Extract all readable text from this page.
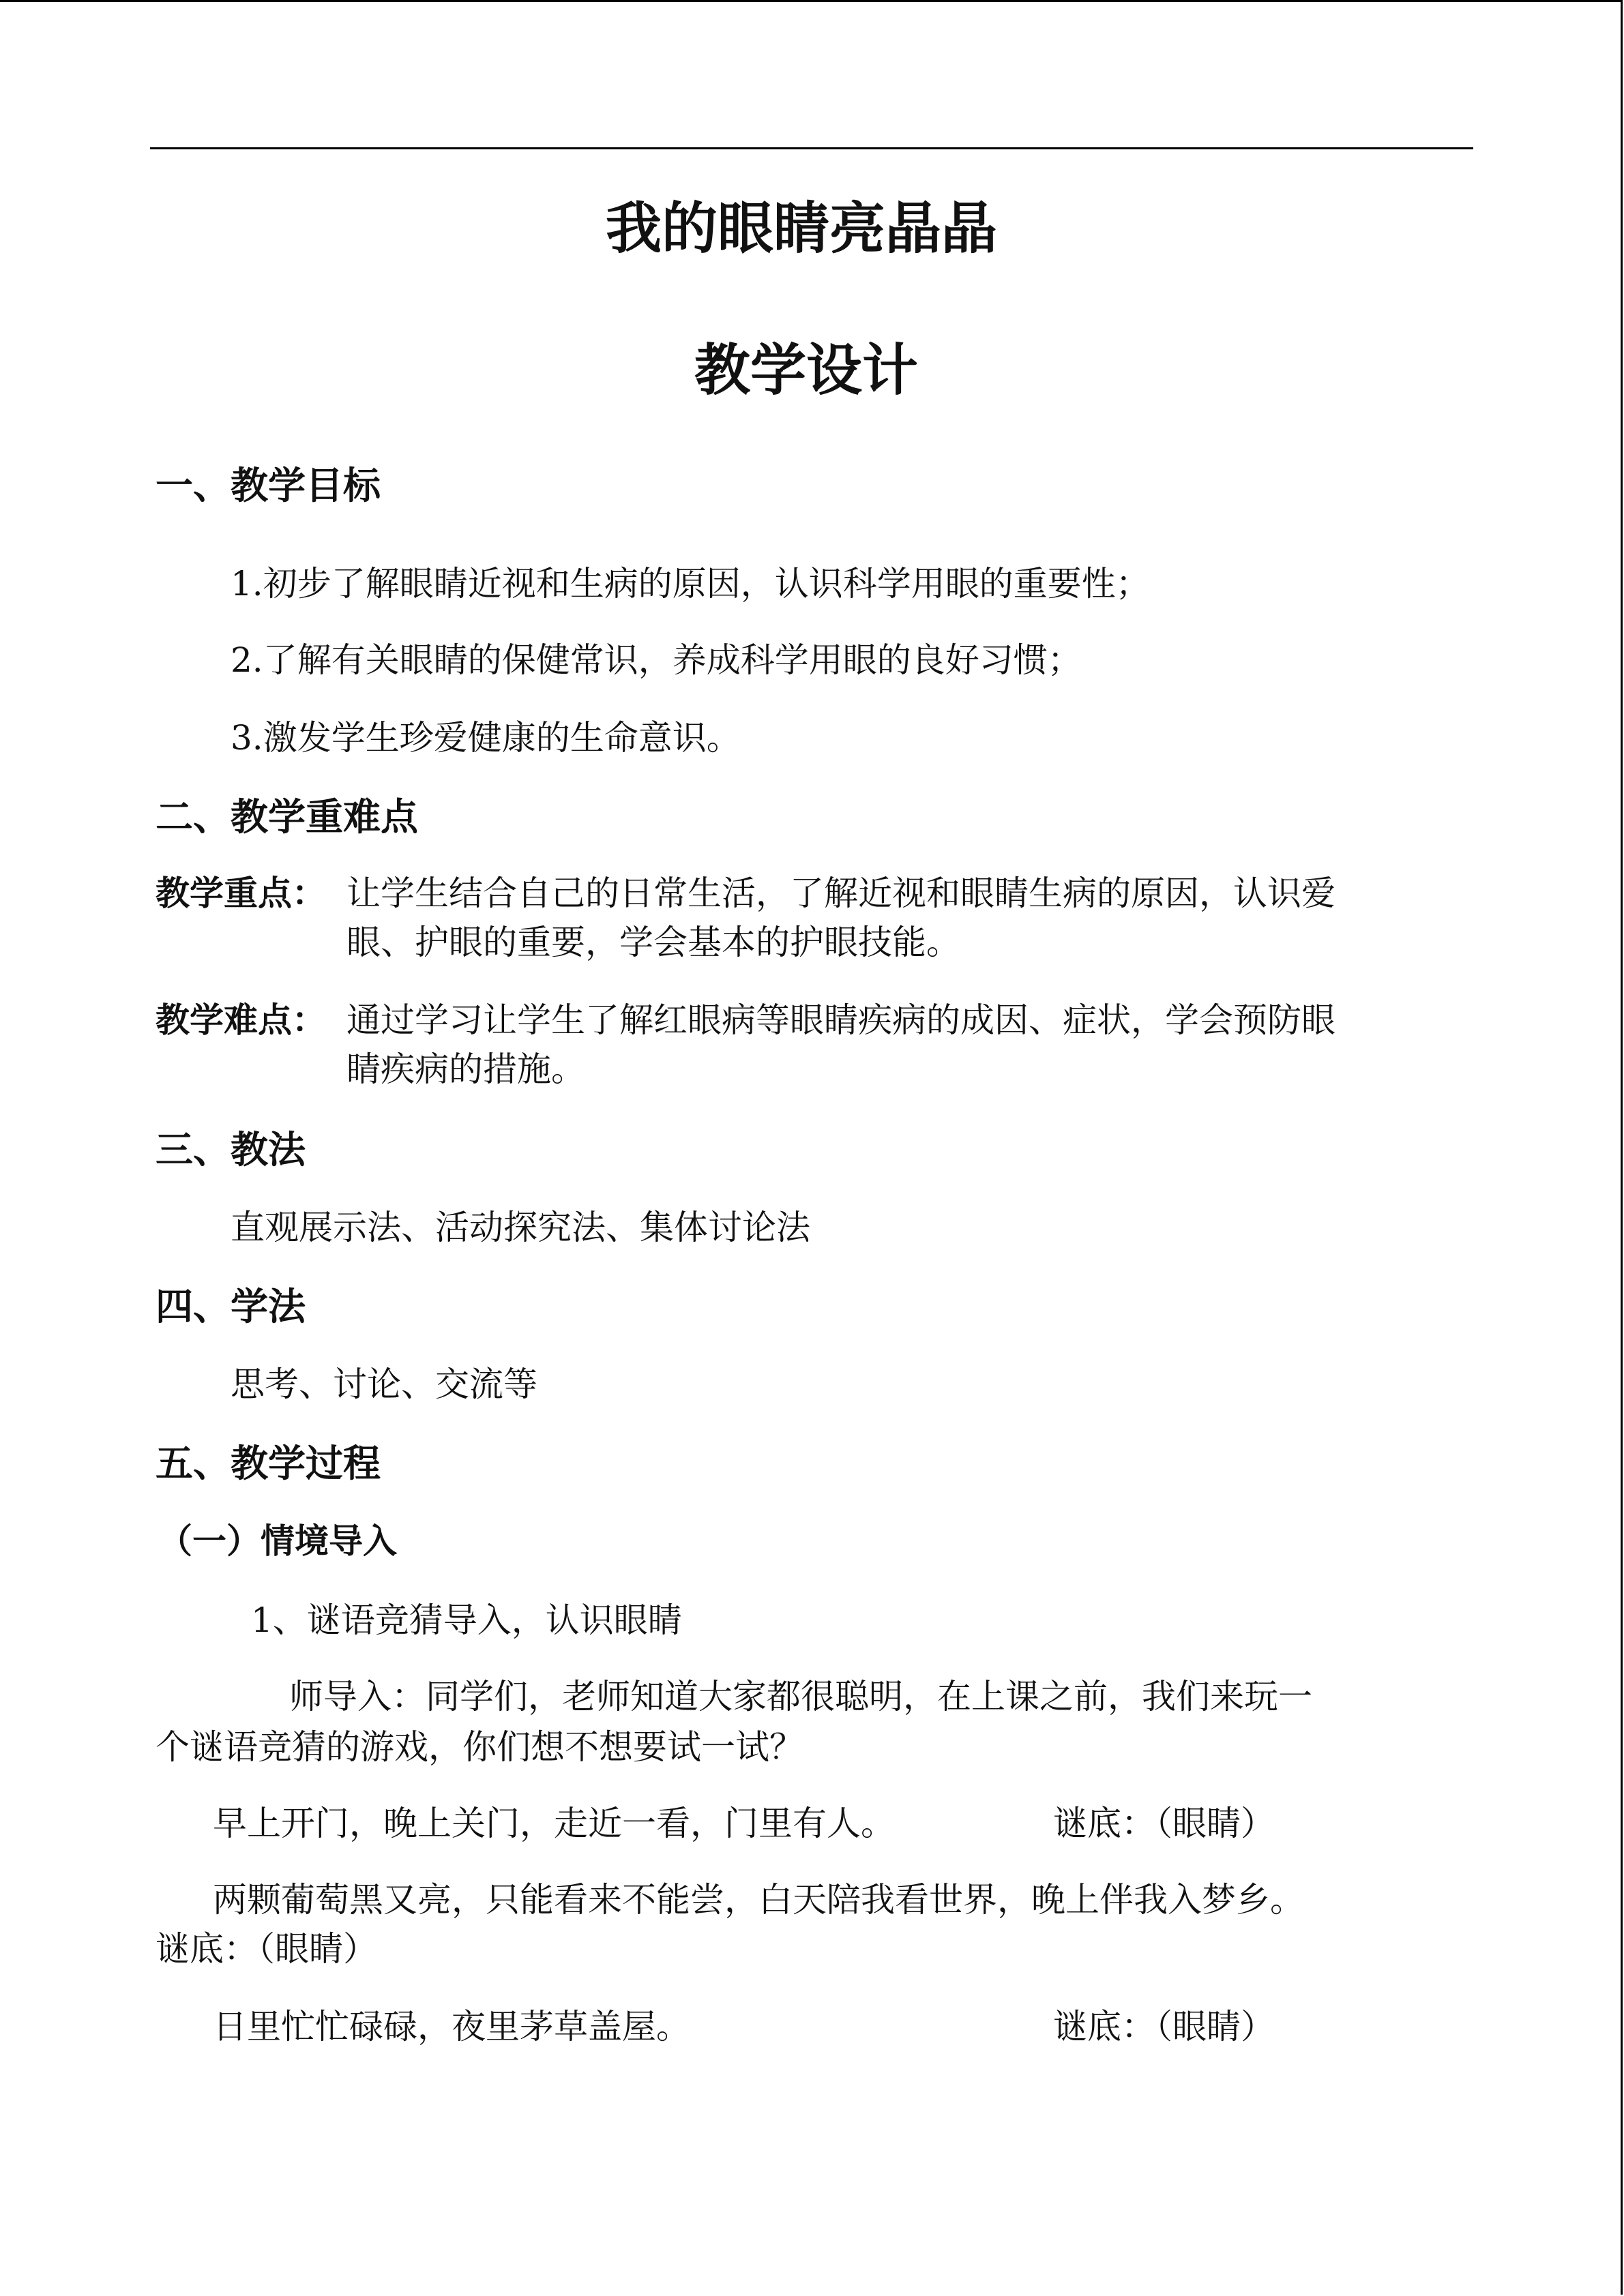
我的眼睛亮晶晶
教学设计
一、教学目标
1.初步了解眼睛近视和生病的原因，认识科学用眼的重要性；
2.了解有关眼睛的保健常识，养成科学用眼的良好习惯；
3.激发学生珍爱健康的生命意识。
二、教学重难点
教学重点： 让学生结合自己的日常生活，了解近视和眼睛生病的原因，认识爱
眼、护眼的重要，学会基本的护眼技能。
教学难点： 通过学习让学生了解红眼病等眼睛疾病的成因、症状，学会预防眼
睛疾病的措施。
三、教法
直观展示法、活动探究法、集体讨论法
四、学法
思考、讨论、交流等
五、教学过程
（一）情境导入
1、谜语竞猜导入，认识眼睛
师导入：同学们，老师知道大家都很聪明，在上课之前，我们来玩一
个谜语竞猜的游戏，你们想不想要试一试？
早上开门，晚上关门，走近一看，门里有人。	谜底：（眼睛）
两颗葡萄黑又亮，只能看来不能尝，白天陪我看世界，晚上伴我入梦乡。
谜底：（眼睛）
日里忙忙碌碌，夜里茅草盖屋。	谜底：（眼睛）
